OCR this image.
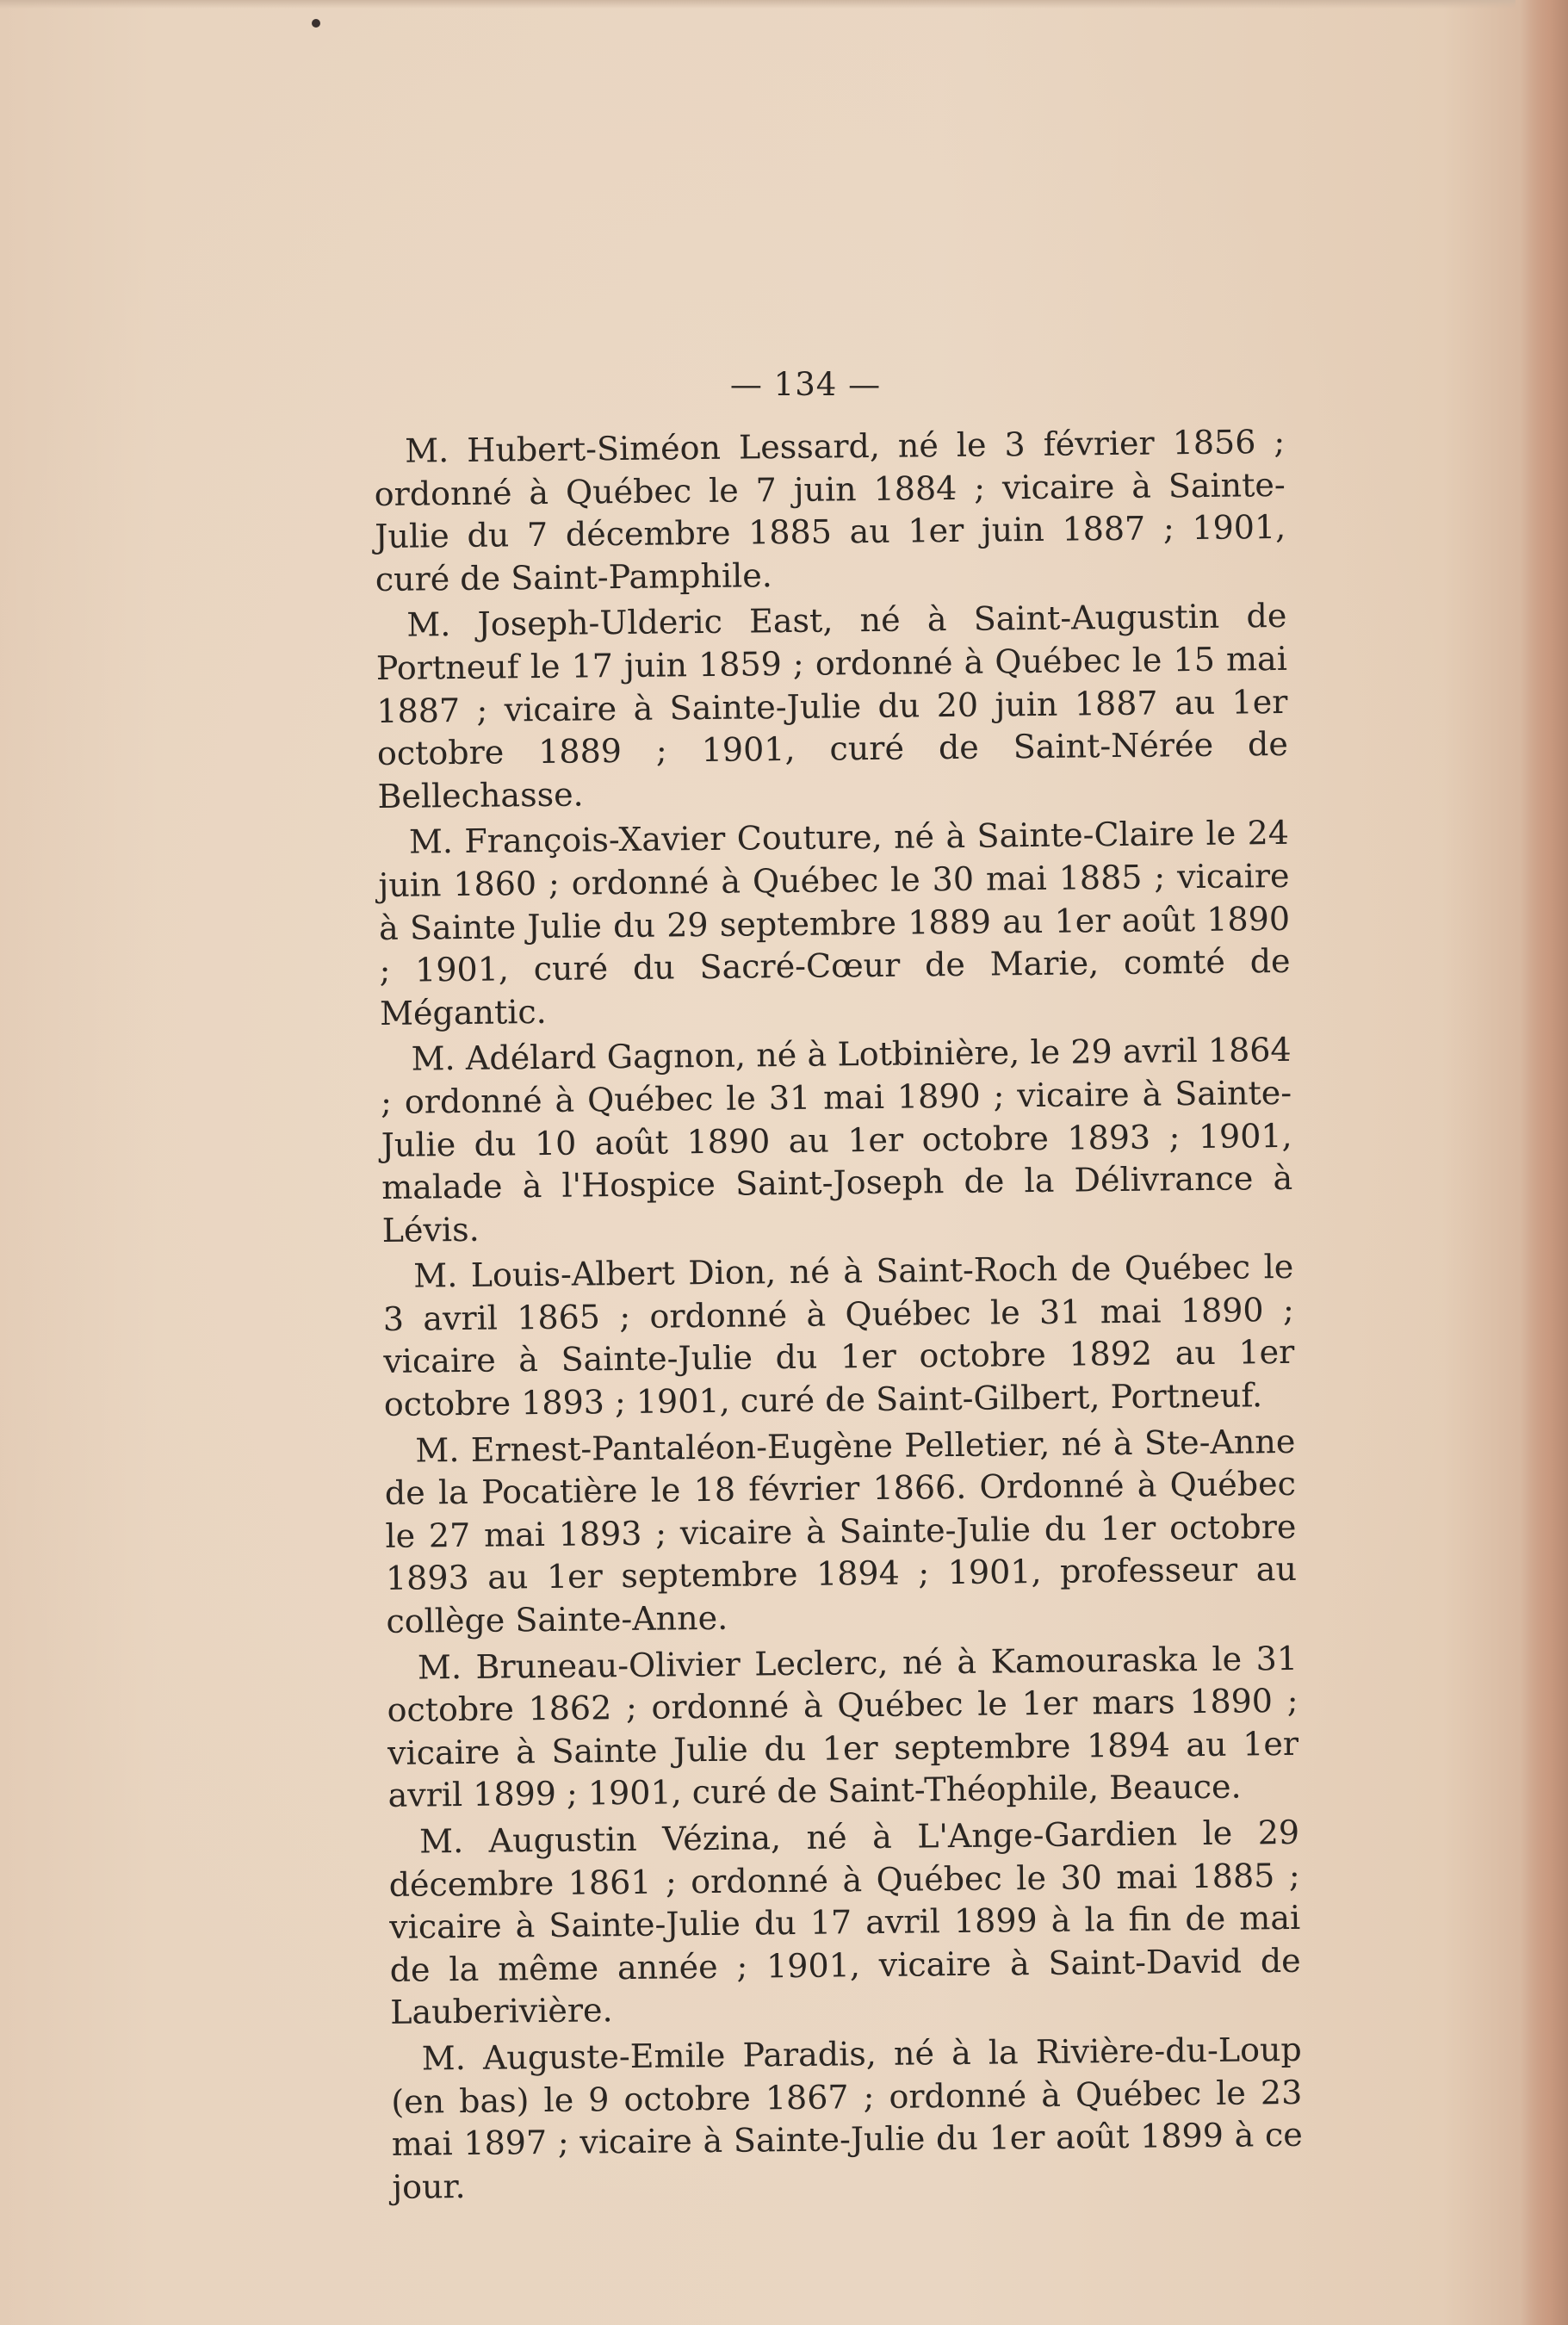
— 134 —

M. Hubert-Siméon Lessard, né le 3 février 1856 ; ordonné à Québec le 7 juin 1884 ; vicaire à Sainte-Julie du 7 décembre 1885 au 1er juin 1887 ; 1901, curé de Saint-Pamphile.

M. Joseph-Ulderic East, né à Saint-Augustin de Portneuf le 17 juin 1859 ; ordonné à Québec le 15 mai 1887 ; vicaire à Sainte-Julie du 20 juin 1887 au 1er octobre 1889 ; 1901, curé de Saint-Nérée de Bellechasse.

M. François-Xavier Couture, né à Sainte-Claire le 24 juin 1860 ; ordonné à Québec le 30 mai 1885 ; vicaire à Sainte Julie du 29 septembre 1889 au 1er août 1890 ; 1901, curé du Sacré-Cœur de Marie, comté de Mégantic.

M. Adélard Gagnon, né à Lotbinière, le 29 avril 1864 ; ordonné à Québec le 31 mai 1890 ; vicaire à Sainte-Julie du 10 août 1890 au 1er octobre 1893 ; 1901, malade à l'Hospice Saint-Joseph de la Délivrance à Lévis.

M. Louis-Albert Dion, né à Saint-Roch de Québec le 3 avril 1865 ; ordonné à Québec le 31 mai 1890 ; vicaire à Sainte-Julie du 1er octobre 1892 au 1er octobre 1893 ; 1901, curé de Saint-Gilbert, Portneuf.

M. Ernest-Pantaléon-Eugène Pelletier, né à Ste-Anne de la Pocatière le 18 février 1866. Ordonné à Québec le 27 mai 1893 ; vicaire à Sainte-Julie du 1er octobre 1893 au 1er septembre 1894 ; 1901, professeur au collège Sainte-Anne.

M. Bruneau-Olivier Leclerc, né à Kamouraska le 31 octobre 1862 ; ordonné à Québec le 1er mars 1890 ; vicaire à Sainte Julie du 1er septembre 1894 au 1er avril 1899 ; 1901, curé de Saint-Théophile, Beauce.

M. Augustin Vézina, né à L'Ange-Gardien le 29 décembre 1861 ; ordonné à Québec le 30 mai 1885 ; vicaire à Sainte-Julie du 17 avril 1899 à la fin de mai de la même année ; 1901, vicaire à Saint-David de Lauberivière.

M. Auguste-Emile Paradis, né à la Rivière-du-Loup (en bas) le 9 octobre 1867 ; ordonné à Québec le 23 mai 1897 ; vicaire à Sainte-Julie du 1er août 1899 à ce jour.
